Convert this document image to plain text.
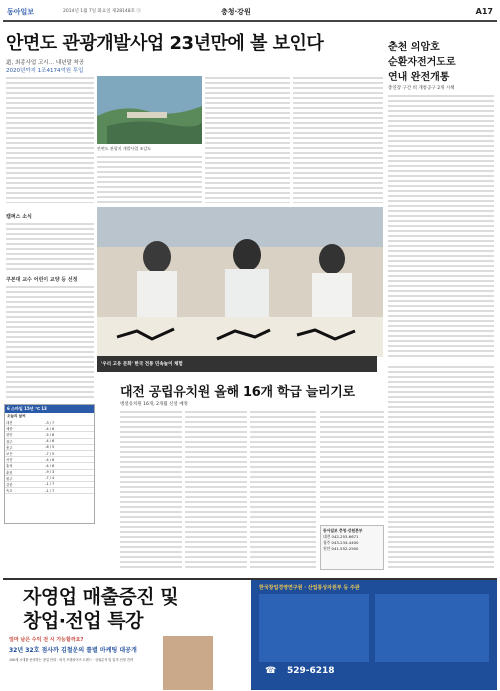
동아일보	2014년 1월 7일 화요일 제28148호 ⓐ	충청·강원	A17
안면도 관광개발사업 23년만에 볼 보인다
道, 최종사업 고시… 내년말 착공
2020년까지 1조4174억원 투입
안면도 관광지 개발사업 조감도
캠퍼스 소식
쿠본대 교수 어린이 교양 등 선정
6 스마일 15년 ℃ 13
오늘의 날씨
대전	-3 / 7
세종	-4 / 6
천안	-5 / 6
청주	-4 / 6
충주	-6 / 5
보은	-7 / 5
서산	-4 / 6
홍성	-4 / 6
춘천	-9 / 3
원주	-7 / 4
강릉	-1 / 7
속초	-1 / 7
'우리 고유 문화' 한국 전통 민속놀이 체험
대전 공립유치원 올해 16개 학급 늘리기로
병설유치원 16개, 2개월 신설 예정
동아일보 충청·강원본부
대전 042-253-6671
청주 043-234-4400
천안 041-552-2500
춘천 의암호
순환자전거도로
연내 완전개통
총연장 구간 비 개통공구 2개 시책
자영업 매출증진 및
창업·전업 특강
얼마 남은 수익 전 시 가능할까요?
32년 32호 점사까 김철운의 틀별 마케팅 대공개
100세 시대를 준비하는 창업 안내 · 외식 프랜차이즈 트렌드 · 상권분석 및 입지 선정 전략
한국창업경영연구원 · 산업통상자원부 등 주관
☎ 529-6218
